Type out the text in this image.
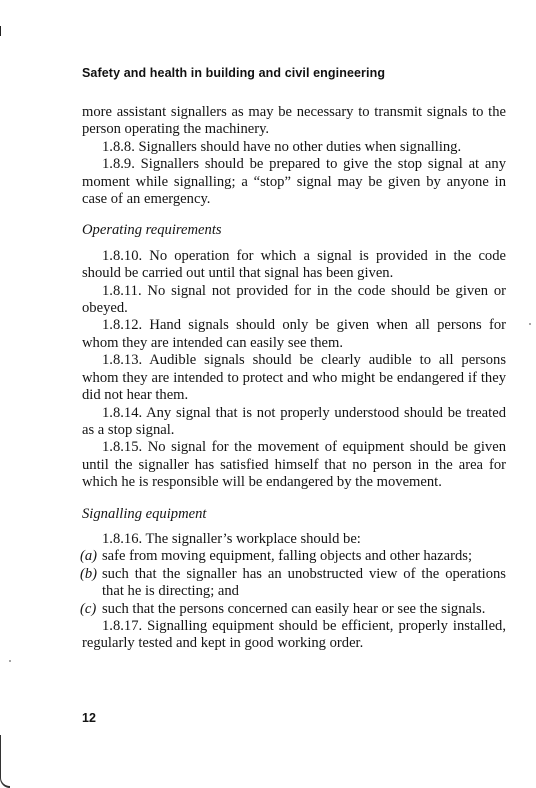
Safety and health in building and civil engineering

more assistant signallers as may be necessary to transmit signals to the person operating the machinery.

1.8.8. Signallers should have no other duties when signalling.

1.8.9. Signallers should be prepared to give the stop signal at any moment while signalling; a “stop” signal may be given by anyone in case of an emergency.

Operating requirements

1.8.10. No operation for which a signal is provided in the code should be carried out until that signal has been given.

1.8.11. No signal not provided for in the code should be given or obeyed.

1.8.12. Hand signals should only be given when all persons for whom they are intended can easily see them.

1.8.13. Audible signals should be clearly audible to all persons whom they are intended to protect and who might be endangered if they did not hear them.

1.8.14. Any signal that is not properly understood should be treated as a stop signal.

1.8.15. No signal for the movement of equipment should be given until the signaller has satisfied himself that no person in the area for which he is responsible will be endangered by the movement.

Signalling equipment

1.8.16. The signaller’s workplace should be:

(a) safe from moving equipment, falling objects and other hazards;
(b) such that the signaller has an unobstructed view of the operations that he is directing; and
(c) such that the persons concerned can easily hear or see the signals.

1.8.17. Signalling equipment should be efficient, properly installed, regularly tested and kept in good working order.

12
